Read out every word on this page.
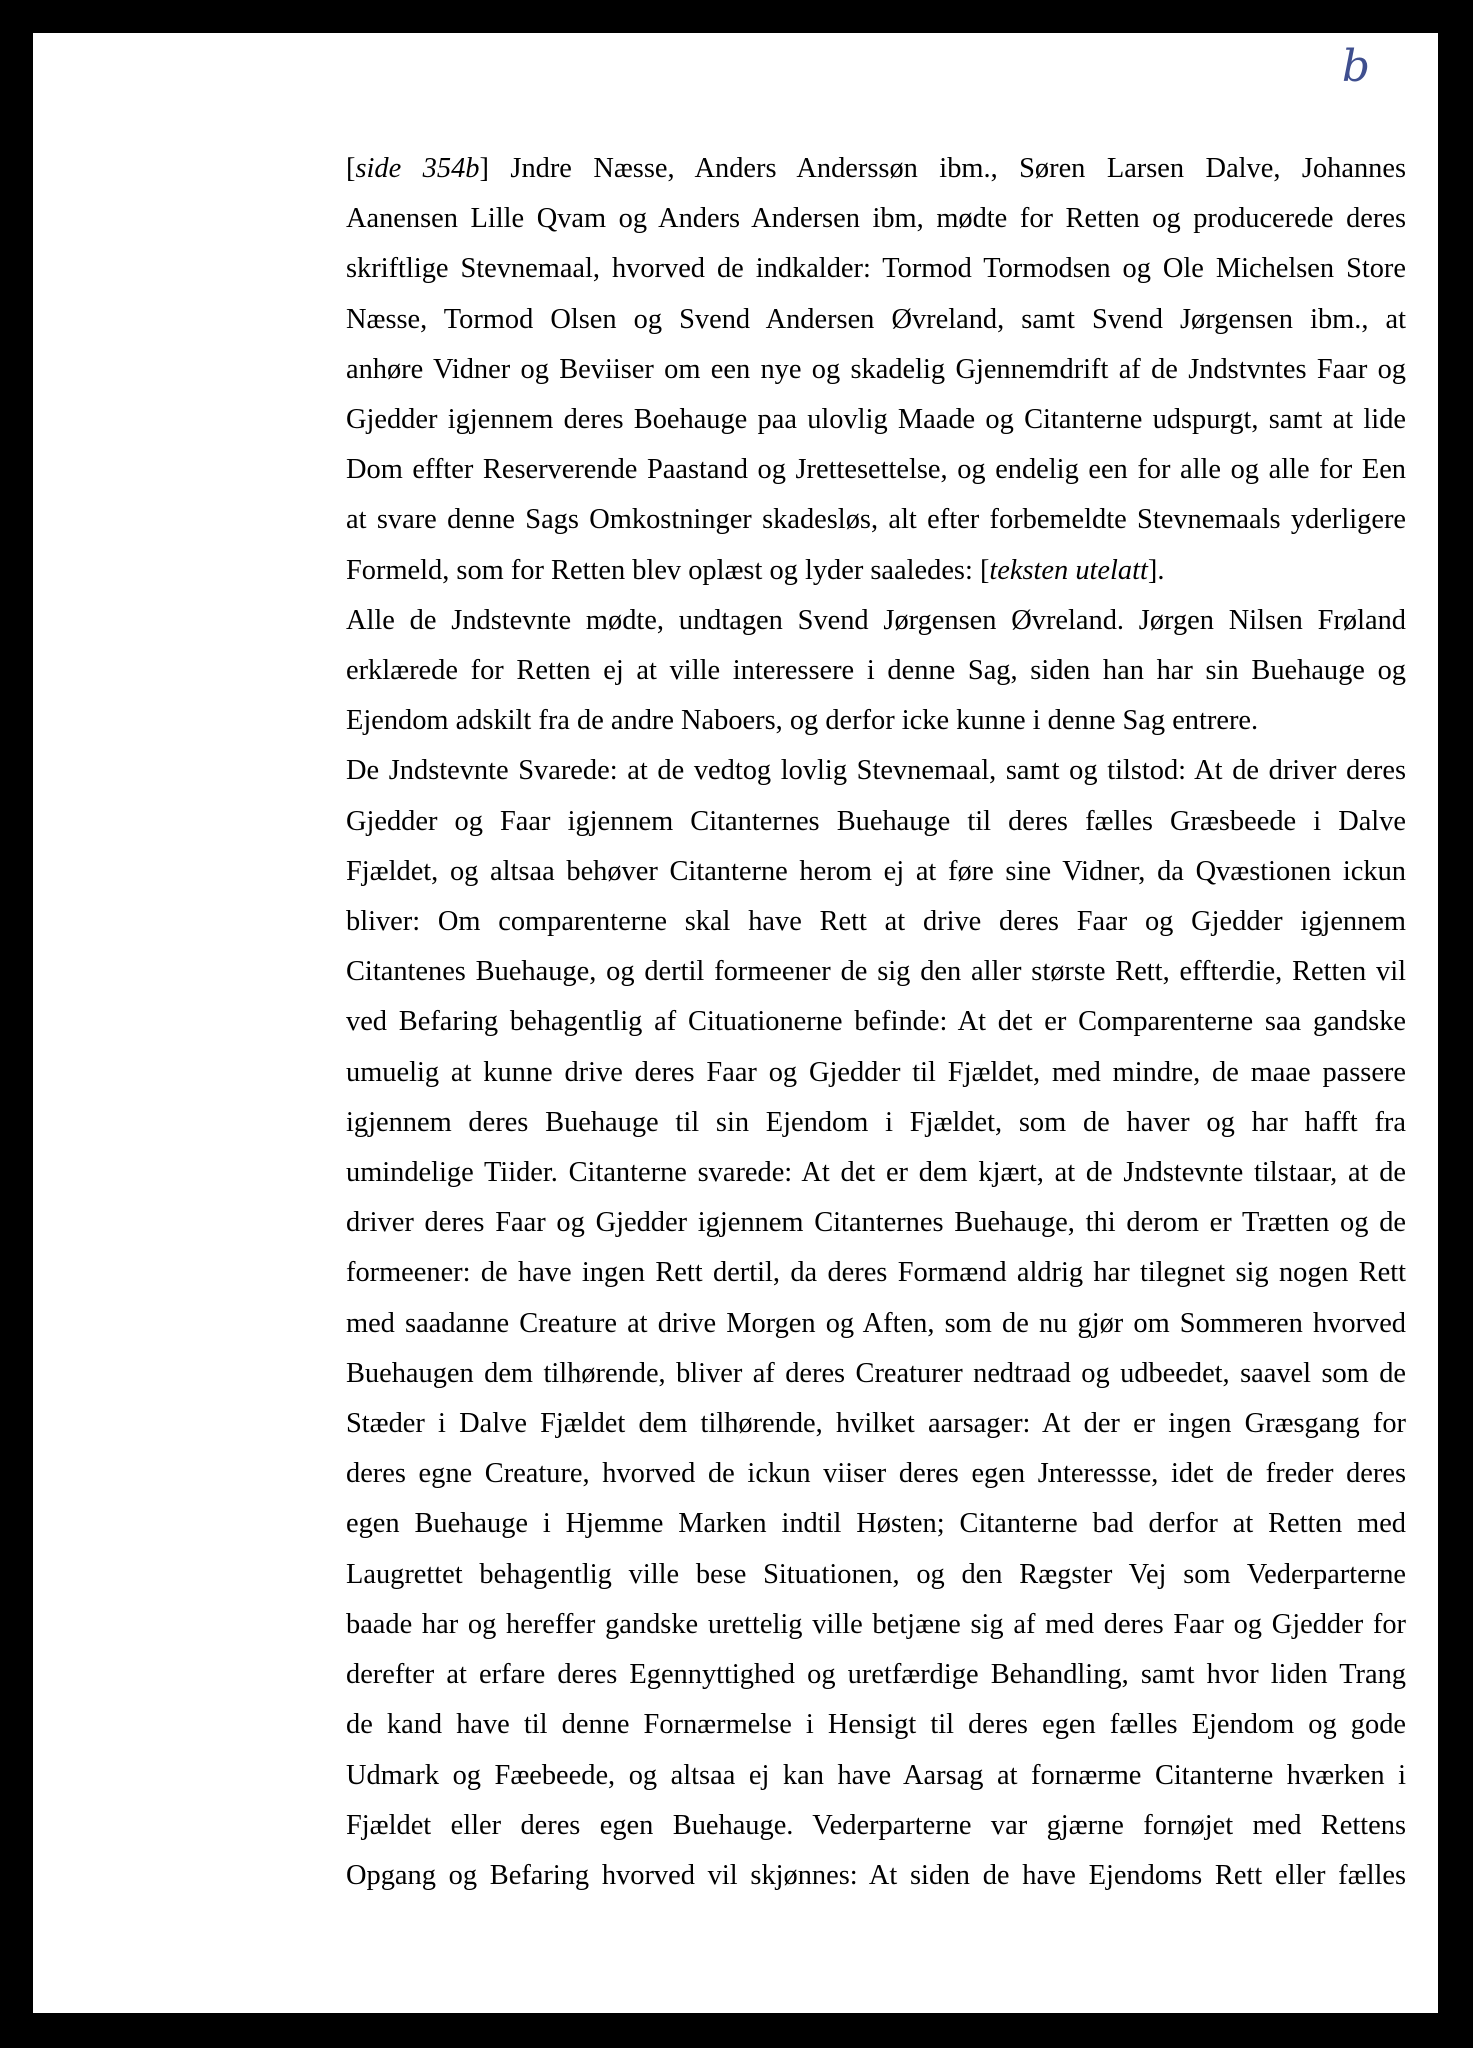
b
[side 354b] Jndre Næsse, Anders Anderssøn ibm., Søren Larsen Dalve, Johannes
Aanensen Lille Qvam og Anders Andersen ibm, mødte for Retten og producerede deres
skriftlige Stevnemaal, hvorved de indkalder: Tormod Tormodsen og Ole Michelsen Store
Næsse, Tormod Olsen og Svend Andersen Øvreland, samt Svend Jørgensen ibm., at
anhøre Vidner og Beviiser om een nye og skadelig Gjennemdrift af de Jndstvntes Faar og
Gjedder igjennem deres Boehauge paa ulovlig Maade og Citanterne udspurgt, samt at lide
Dom effter Reserverende Paastand og Jrettesettelse, og endelig een for alle og alle for Een
at svare denne Sags Omkostninger skadesløs, alt efter forbemeldte Stevnemaals yderligere
Formeld, som for Retten blev oplæst og lyder saaledes: [teksten utelatt].
Alle de Jndstevnte mødte, undtagen Svend Jørgensen Øvreland. Jørgen Nilsen Frøland
erklærede for Retten ej at ville interessere i denne Sag, siden han har sin Buehauge og
Ejendom adskilt fra de andre Naboers, og derfor icke kunne i denne Sag entrere.
De Jndstevnte Svarede: at de vedtog lovlig Stevnemaal, samt og tilstod: At de driver deres
Gjedder og Faar igjennem Citanternes Buehauge til deres fælles Græsbeede i Dalve
Fjældet, og altsaa behøver Citanterne herom ej at føre sine Vidner, da Qvæstionen ickun
bliver: Om comparenterne skal have Rett at drive deres Faar og Gjedder igjennem
Citantenes Buehauge, og dertil formeener de sig den aller største Rett, effterdie, Retten vil
ved Befaring behagentlig af Cituationerne befinde: At det er Comparenterne saa gandske
umuelig at kunne drive deres Faar og Gjedder til Fjældet, med mindre, de maae passere
igjennem deres Buehauge til sin Ejendom i Fjældet, som de haver og har hafft fra
umindelige Tiider. Citanterne svarede: At det er dem kjært, at de Jndstevnte tilstaar, at de
driver deres Faar og Gjedder igjennem Citanternes Buehauge, thi derom er Trætten og de
formeener: de have ingen Rett dertil, da deres Formænd aldrig har tilegnet sig nogen Rett
med saadanne Creature at drive Morgen og Aften, som de nu gjør om Sommeren hvorved
Buehaugen dem tilhørende, bliver af deres Creaturer nedtraad og udbeedet, saavel som de
Stæder i Dalve Fjældet dem tilhørende, hvilket aarsager: At der er ingen Græsgang for
deres egne Creature, hvorved de ickun viiser deres egen Jnteressse, idet de freder deres
egen Buehauge i Hjemme Marken indtil Høsten; Citanterne bad derfor at Retten med
Laugrettet behagentlig ville bese Situationen, og den Rægster Vej som Vederparterne
baade har og hereffer gandske urettelig ville betjæne sig af med deres Faar og Gjedder for
derefter at erfare deres Egennyttighed og uretfærdige Behandling, samt hvor liden Trang
de kand have til denne Fornærmelse i Hensigt til deres egen fælles Ejendom og gode
Udmark og Fæebeede, og altsaa ej kan have Aarsag at fornærme Citanterne hværken i
Fjældet eller deres egen Buehauge. Vederparterne var gjærne fornøjet med Rettens
Opgang og Befaring hvorved vil skjønnes: At siden de have Ejendoms Rett eller fælles
